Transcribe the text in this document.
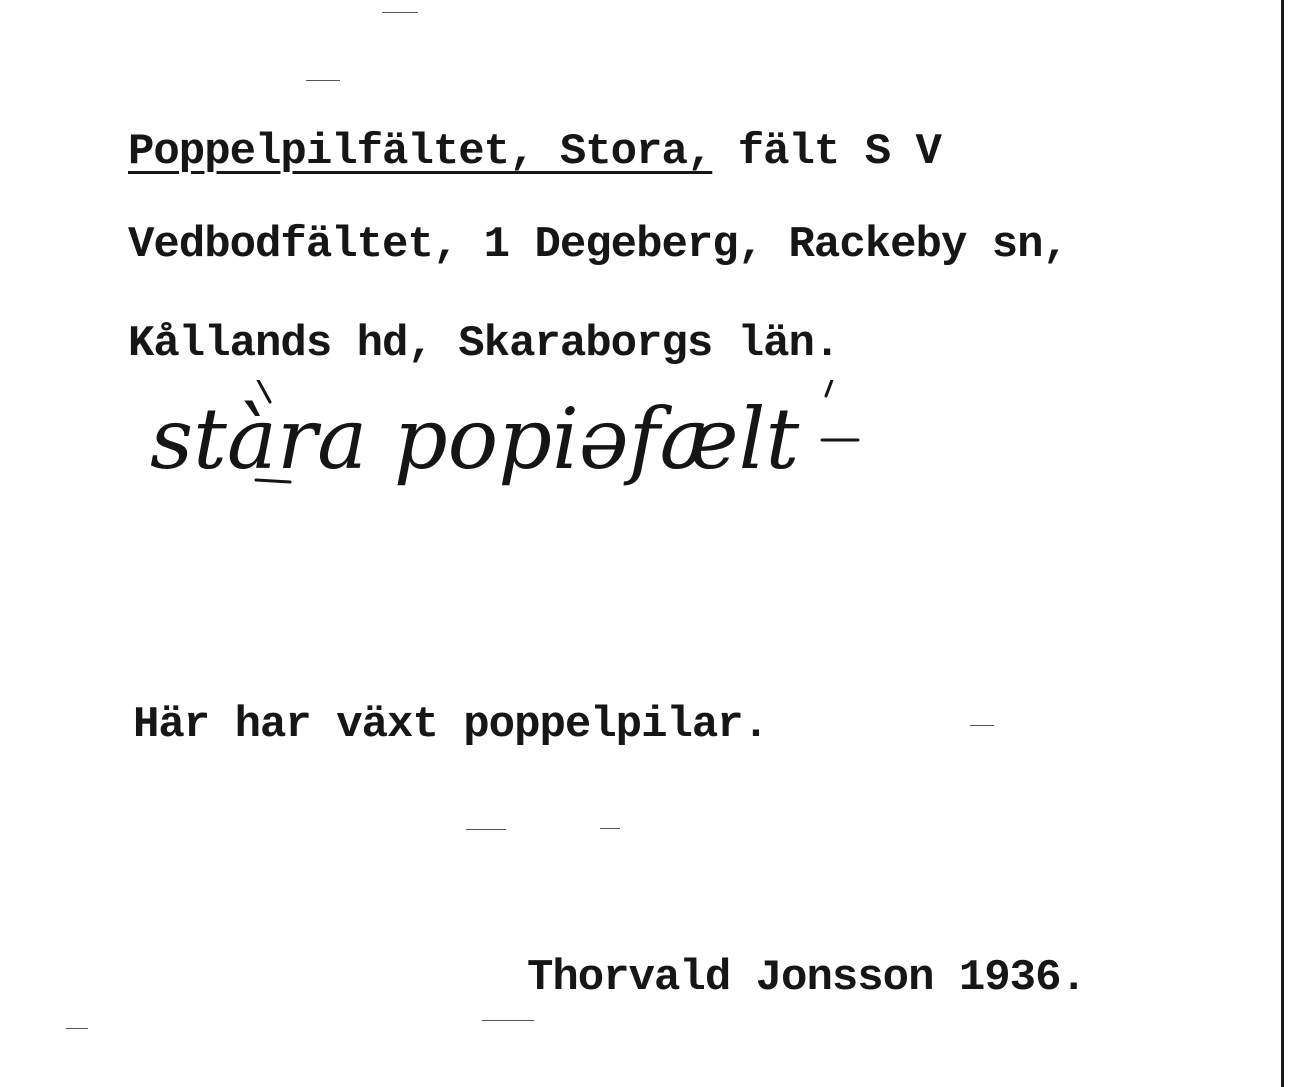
Poppelpilfältet, Stora, fält S V
Vedbodfältet, 1 Degeberg, Rackeby sn,
Kållands hd, Skaraborgs län.
stàra popiəfælt
Här har växt poppelpilar.
Thorvald Jonsson 1936.
